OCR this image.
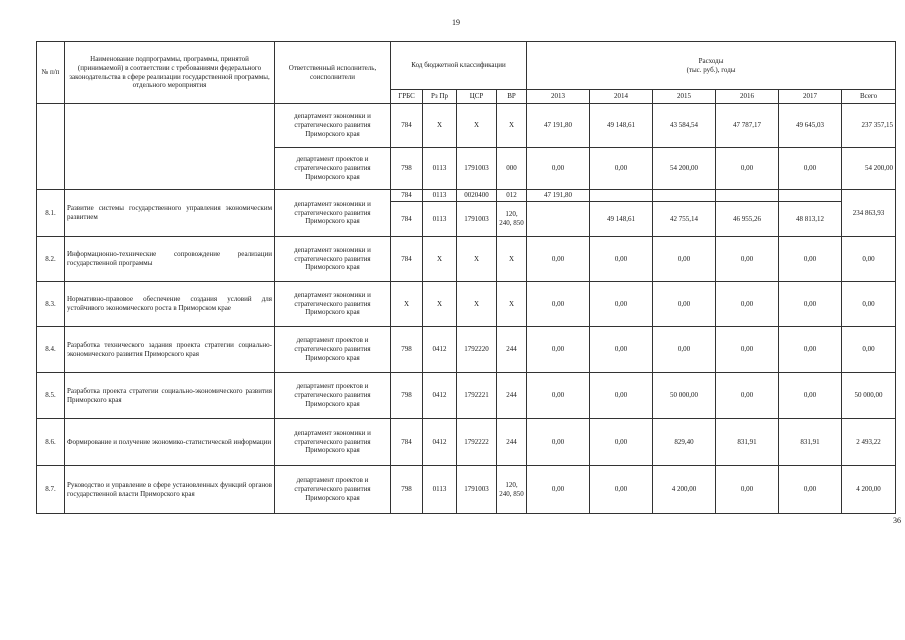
19
№ п/п	Наименование подпрограммы, программы, принятой (принимаемой) в соответствии с требованиями федерального законодательства в сфере реализации государственной программы, отдельного мероприятия	Ответственный исполнитель, соисполнители	Код бюджетной классификации				Расходы
(тыс. руб.), годы					
			ГРБС	Рз Пр	ЦСР	ВР	2013	2014	2015	2016	2017	Всего
		департамент экономики и стратегического развития Приморского края	784	Х	Х	Х	47 191,80	49 148,61	43 584,54	47 787,17	49 645,03	237 357,15
		департамент проектов и стратегического развития Приморского края	798	0113	1791003	000	0,00	0,00	54 200,00	0,00	0,00	54 200,00
8.1.	Развитие системы государственного управления экономическим развитием	департамент экономики и стратегического развития Приморского края	784	0113	0020400	012	47 191,80					234 863,93
			784	0113	1791003	120, 240, 850		49 148,61	42 755,14	46 955,26	48 813,12	
8.2.	Информационно-технические сопровождение реализации государственной программы	департамент экономики и стратегического развития Приморского края	784	Х	Х	Х	0,00	0,00	0,00	0,00	0,00	0,00
8.3.	Нормативно-правовое обеспечение создания условий для устойчивого экономического роста в Приморском крае	департамент экономики и стратегического развития Приморского края	Х	Х	Х	Х	0,00	0,00	0,00	0,00	0,00	0,00
8.4.	Разработка технического задания проекта стратегии социально-экономического развития Приморского края	департамент проектов и стратегического развития Приморского края	798	0412	1792220	244	0,00	0,00	0,00	0,00	0,00	0,00
8.5.	Разработка проекта стратегии социально-экономического развития Приморского края	департамент проектов и стратегического развития Приморского края	798	0412	1792221	244	0,00	0,00	50 000,00	0,00	0,00	50 000,00
8.6.	Формирование и получение экономико-статистической информации	департамент экономики и стратегического развития Приморского края	784	0412	1792222	244	0,00	0,00	829,40	831,91	831,91	2 493,22
8.7.	Руководство и управление в сфере установленных функций органов государственной власти Приморского края	департамент проектов и стратегического развития Приморского края	798	0113	1791003	120, 240, 850	0,00	0,00	4 200,00	0,00	0,00	4 200,00
36
